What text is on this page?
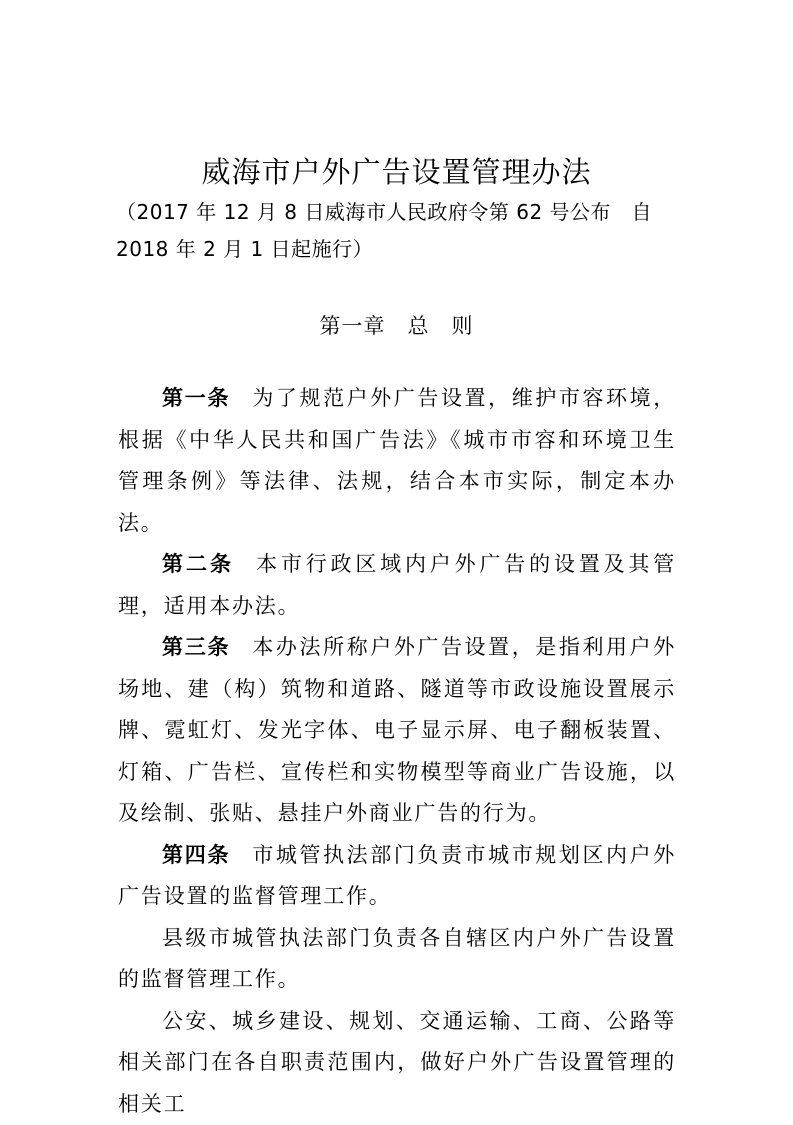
威海市户外广告设置管理办法
（2017 年 12 月 8 日威海市人民政府令第 62 号公布　自 2018 年 2 月 1 日起施行）
第一章　总　则

第一条 为了规范户外广告设置，维护市容环境，根据《中华人民共和国广告法》《城市市容和环境卫生管理条例》等法律、法规，结合本市实际，制定本办法。

第二条 本市行政区域内户外广告的设置及其管理，适用本办法。

第三条 本办法所称户外广告设置，是指利用户外场地、建（构）筑物和道路、隧道等市政设施设置展示牌、霓虹灯、发光字体、电子显示屏、电子翻板装置、灯箱、广告栏、宣传栏和实物模型等商业广告设施，以及绘制、张贴、悬挂户外商业广告的行为。

第四条 市城管执法部门负责市城市规划区内户外广告设置的监督管理工作。

县级市城管执法部门负责各自辖区内户外广告设置的监督管理工作。

公安、城乡建设、规划、交通运输、工商、公路等相关部门在各自职责范围内，做好户外广告设置管理的相关工
